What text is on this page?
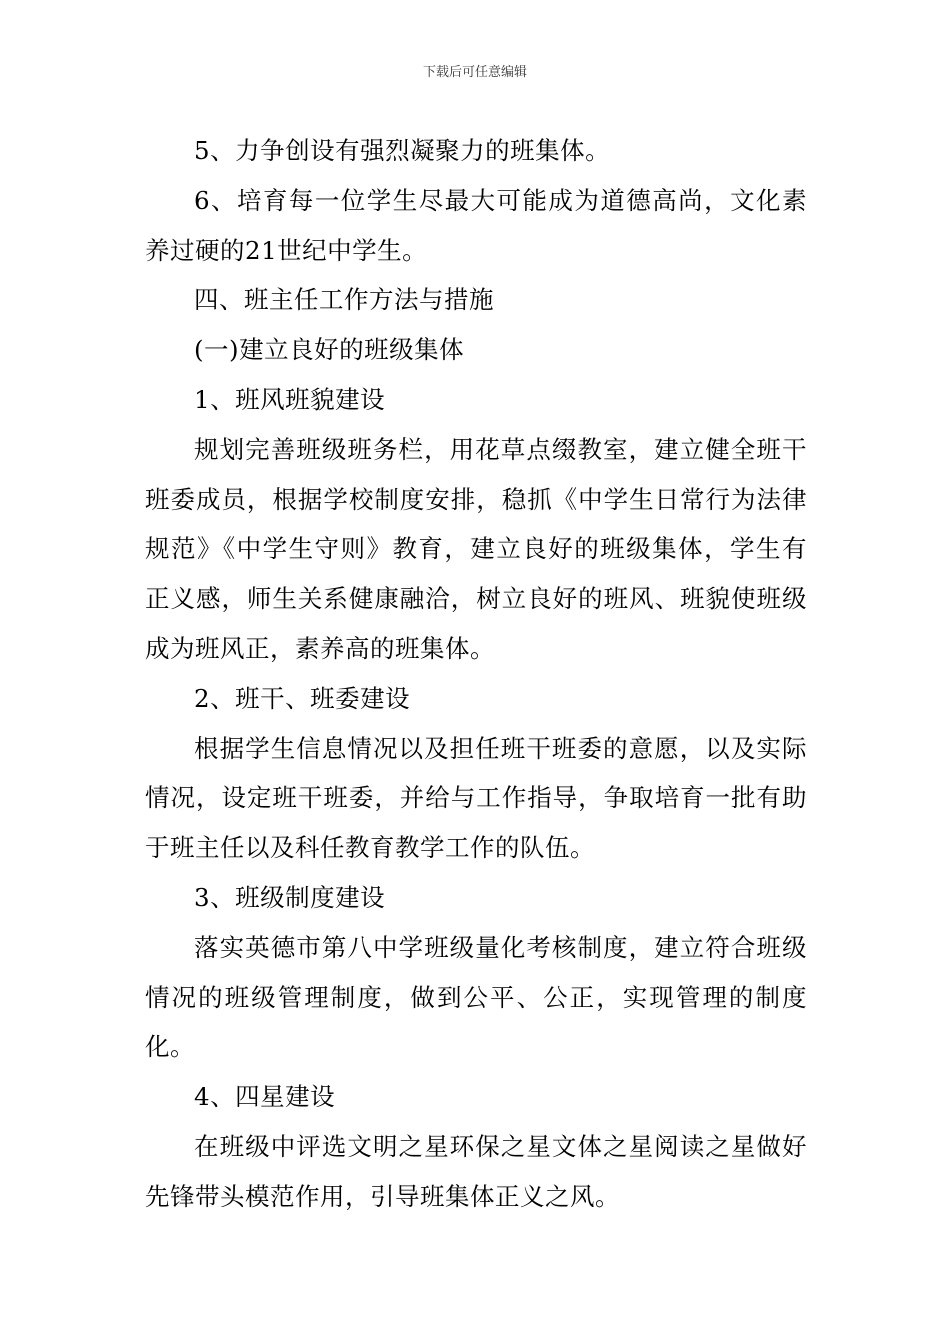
下载后可任意编辑

5、力争创设有强烈凝聚力的班集体。

6、培育每一位学生尽最大可能成为道德高尚，文化素养过硬的21世纪中学生。

四、班主任工作方法与措施

(一)建立良好的班级集体

1、班风班貌建设

规划完善班级班务栏，用花草点缀教室，建立健全班干班委成员，根据学校制度安排，稳抓《中学生日常行为法律规范》《中学生守则》教育，建立良好的班级集体，学生有正义感，师生关系健康融洽，树立良好的班风、班貌使班级成为班风正，素养高的班集体。

2、班干、班委建设

根据学生信息情况以及担任班干班委的意愿，以及实际情况，设定班干班委，并给与工作指导，争取培育一批有助于班主任以及科任教育教学工作的队伍。

3、班级制度建设

落实英德市第八中学班级量化考核制度，建立符合班级情况的班级管理制度，做到公平、公正，实现管理的制度化。

4、四星建设

在班级中评选文明之星环保之星文体之星阅读之星做好先锋带头模范作用，引导班集体正义之风。
